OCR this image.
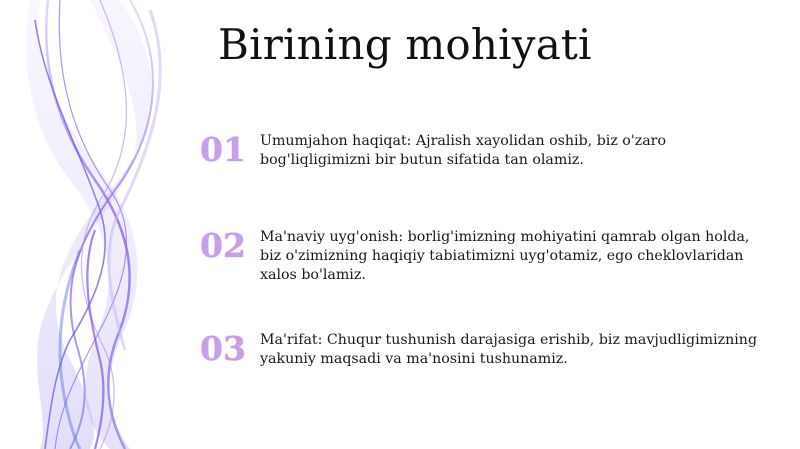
Birining mohiyati
01 Umumjahon haqiqat: Ajralish xayolidan oshib, biz o'zaro bog'liqligimizni bir butun sifatida tan olamiz.
02 Ma'naviy uyg'onish: borlig'imizning mohiyatini qamrab olgan holda, biz o'zimizning haqiqiy tabiatimizni uyg'otamiz, ego cheklovlaridan xalos bo'lamiz.
03 Ma'rifat: Chuqur tushunish darajasiga erishib, biz mavjudligimizning yakuniy maqsadi va ma'nosini tushunamiz.
